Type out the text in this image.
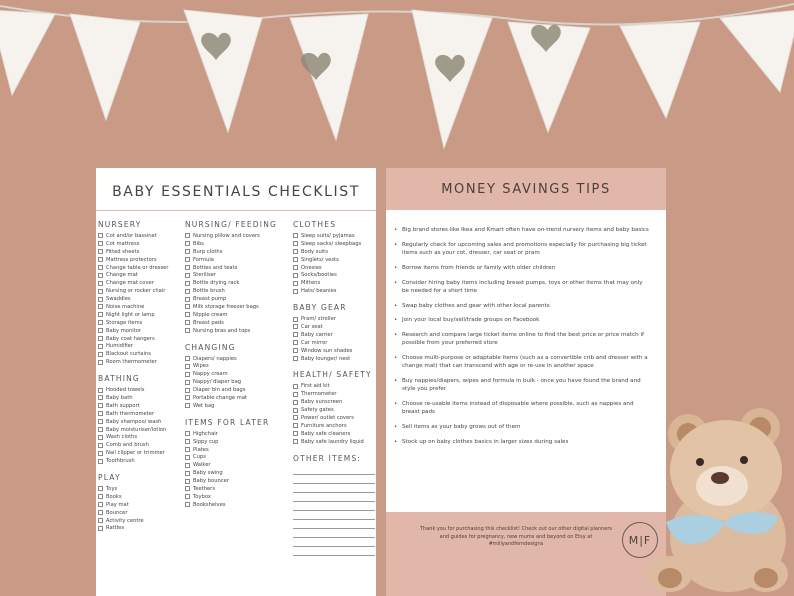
BABY ESSENTIALS CHECKLIST
NURSERY
Cot and/or bassinet
Cot mattress
Fitted sheets
Mattress protectors
Change table or dresser
Change mat
Change mat cover
Nursing or rocker chair
Swaddles
Noise machine
Night light or lamp
Storage items
Baby monitor
Baby coat hangers
Humidifier
Blackout curtains
Room thermometer
BATHING
Hooded towels
Baby bath
Bath support
Bath thermometer
Baby shampoo/ wash
Baby moisturiser/lotion
Wash cloths
Comb and brush
Nail clipper or trimmer
Toothbrush
PLAY
Toys
Books
Play mat
Bouncer
Activity centre
Rattles
NURSING/ FEEDING
Nursing pillow and covers
Bibs
Burp cloths
Formula
Bottles and teats
Steriliser
Bottle drying rack
Bottle brush
Breast pump
Milk storage freezer bags
Nipple cream
Breast pads
Nursing bras and tops
CHANGING
Diapers/ nappies
Wipes
Nappy cream
Nappy/ diaper bag
Diaper bin and bags
Portable change mat
Wet bag
ITEMS FOR LATER
Highchair
Sippy cup
Plates
Cups
Walker
Baby swing
Baby bouncer
Teethers
Toybox
Bookshelves
CLOTHES
Sleep suits/ pyjamas
Sleep sacks/ sleepbags
Body suits
Singlets/ vests
Onesies
Socks/booties
Mittens
Hats/ beanies
BABY GEAR
Pram/ stroller
Car seat
Baby carrier
Car mirror
Window sun shades
Baby lounger/ nest
HEALTH/ SAFETY
First aid kit
Thermometer
Baby sunscreen
Safety gates
Power/ outlet covers
Furniture anchors
Baby safe cleaners
Baby safe laundry liquid
OTHER ITEMS:
MONEY SAVINGS TIPS
• Big brand stores like Ikea and Kmart often have on-trend nursery items and baby basics
• Regularly check for upcoming sales and promotions especially for purchasing big ticket items such as your cot, dresser, car seat or pram
• Borrow items from friends or family with older children
• Consider hiring baby items including breast pumps, toys or other items that may only be needed for a short time
• Swap baby clothes and gear with other local parents
• Join your local buy/sell/trade groups on Facebook
• Research and compare large ticket items online to find the best price or price match if possible from your preferred store
• Choose multi-purpose or adaptable items (such as a convertible crib and dresser with a change mat) that can transcend with age or re-use in another space
• Buy nappies/diapers, wipes and formula in bulk - once you have found the brand and style you prefer
• Choose re-usable items instead of disposable where possible, such as nappies and breast pads
• Sell items as your baby grows out of them
• Stock up on baby clothes basics in larger sizes during sales
Thank you for purchasing this checklist! Check out our other digital planners and guides for pregnancy, new mums and beyond on Etsy at #millyandferndesigns	M|F
